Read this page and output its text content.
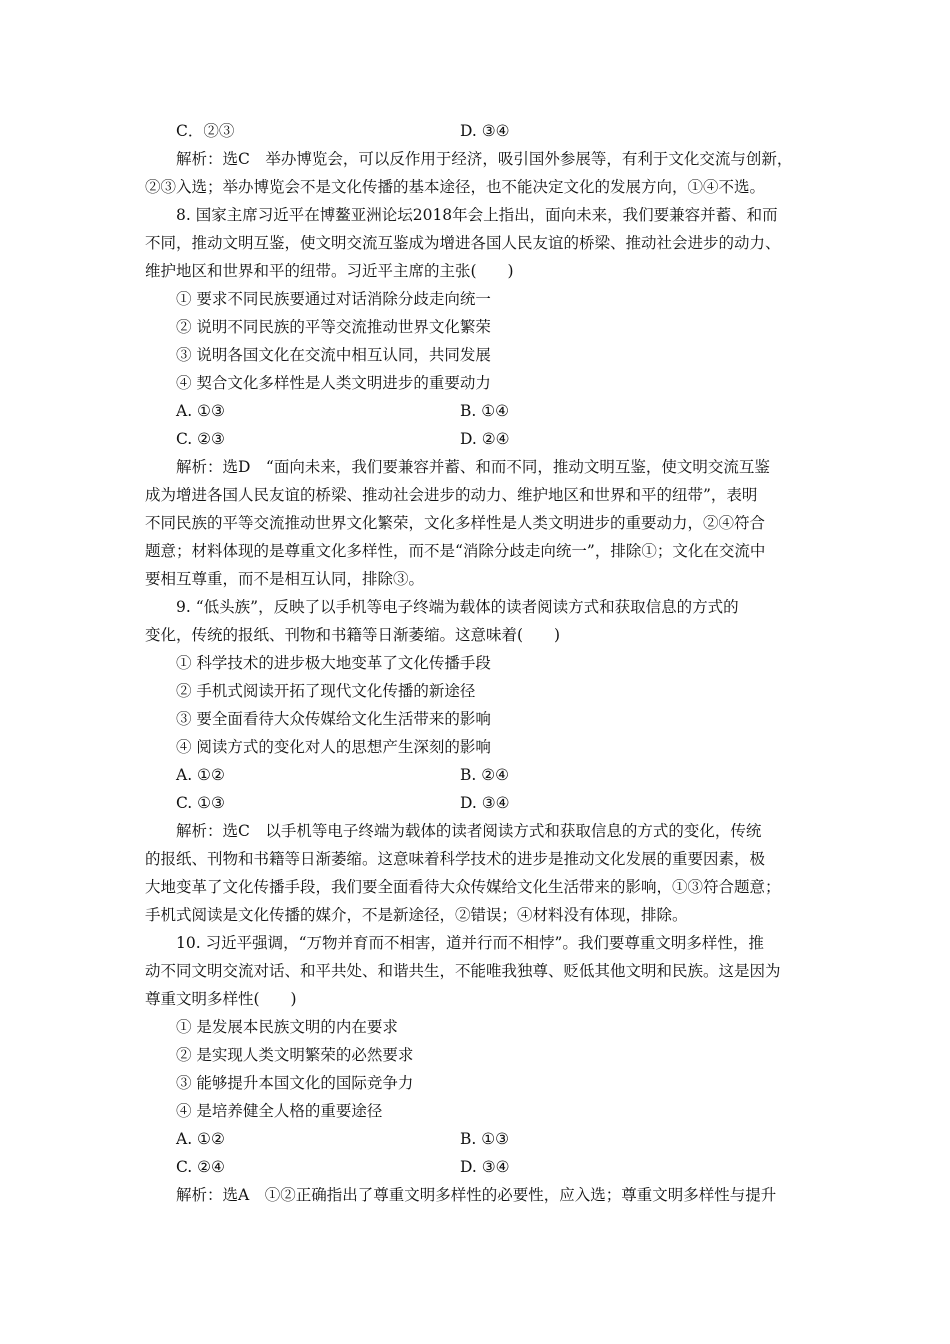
C．②③	D. ③④
解析：选C　举办博览会，可以反作用于经济，吸引国外参展等，有利于文化交流与创新，
②③入选；举办博览会不是文化传播的基本途径，也不能决定文化的发展方向，①④不选。
8. 国家主席习近平在博鳌亚洲论坛2018年会上指出，面向未来，我们要兼容并蓄、和而
不同，推动文明互鉴，使文明交流互鉴成为增进各国人民友谊的桥梁、推动社会进步的动力、
维护地区和世界和平的纽带。习近平主席的主张(　　)
① 要求不同民族要通过对话消除分歧走向统一
② 说明不同民族的平等交流推动世界文化繁荣
③ 说明各国文化在交流中相互认同，共同发展
④ 契合文化多样性是人类文明进步的重要动力
A. ①③	B. ①④
C. ②③	D. ②④
解析：选D　“面向未来，我们要兼容并蓄、和而不同，推动文明互鉴，使文明交流互鉴
成为增进各国人民友谊的桥梁、推动社会进步的动力、维护地区和世界和平的纽带”，表明
不同民族的平等交流推动世界文化繁荣，文化多样性是人类文明进步的重要动力，②④符合
题意；材料体现的是尊重文化多样性，而不是“消除分歧走向统一”，排除①；文化在交流中
要相互尊重，而不是相互认同，排除③。
9. “低头族”，反映了以手机等电子终端为载体的读者阅读方式和获取信息的方式的
变化，传统的报纸、刊物和书籍等日渐萎缩。这意味着(　　)
① 科学技术的进步极大地变革了文化传播手段
② 手机式阅读开拓了现代文化传播的新途径
③ 要全面看待大众传媒给文化生活带来的影响
④ 阅读方式的变化对人的思想产生深刻的影响
A. ①②	B. ②④
C. ①③	D. ③④
解析：选C　以手机等电子终端为载体的读者阅读方式和获取信息的方式的变化，传统
的报纸、刊物和书籍等日渐萎缩。这意味着科学技术的进步是推动文化发展的重要因素，极
大地变革了文化传播手段，我们要全面看待大众传媒给文化生活带来的影响，①③符合题意；
手机式阅读是文化传播的媒介，不是新途径，②错误；④材料没有体现，排除。
10. 习近平强调，“万物并育而不相害，道并行而不相悖”。我们要尊重文明多样性，推
动不同文明交流对话、和平共处、和谐共生，不能唯我独尊、贬低其他文明和民族。这是因为
尊重文明多样性(　　)
① 是发展本民族文明的内在要求
② 是实现人类文明繁荣的必然要求
③ 能够提升本国文化的国际竞争力
④ 是培养健全人格的重要途径
A. ①②	B. ①③
C. ②④	D. ③④
解析：选A　①②正确指出了尊重文明多样性的必要性，应入选；尊重文明多样性与提升
